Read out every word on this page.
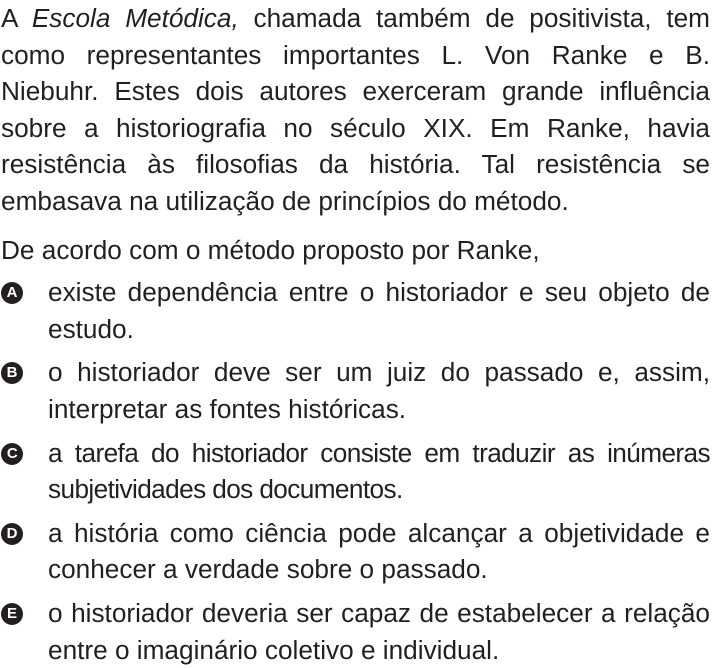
A Escola Metódica, chamada também de positivista, tem como representantes importantes L. Von Ranke e B. Niebuhr. Estes dois autores exerceram grande influência sobre a historiografia no século XIX. Em Ranke, havia resistência às filosofias da história. Tal resistência se embasava na utilização de princípios do método.

De acordo com o método proposto por Ranke,

A existe dependência entre o historiador e seu objeto de estudo.
B o historiador deve ser um juiz do passado e, assim, interpretar as fontes históricas.
C a tarefa do historiador consiste em traduzir as inúmeras subjetividades dos documentos.
D a história como ciência pode alcançar a objetividade e conhecer a verdade sobre o passado.
E o historiador deveria ser capaz de estabelecer a relação entre o imaginário coletivo e individual.
